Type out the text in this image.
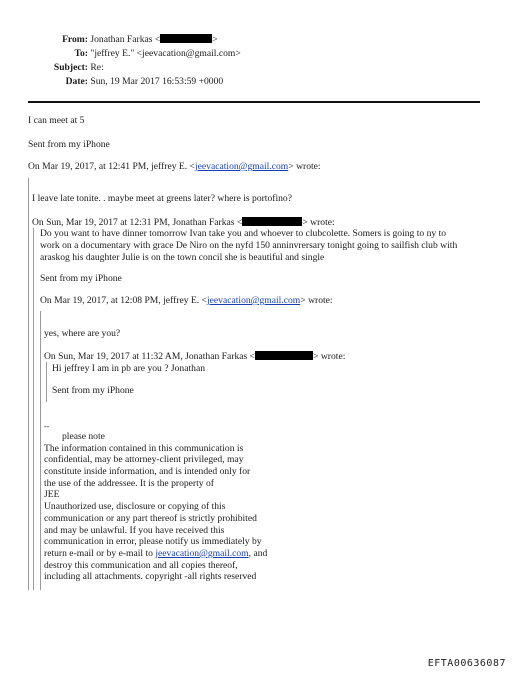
From: Jonathan Farkas <	>
To: "jeffrey E." <jeevacation@gmail.com>
Subject: Re:
Date: Sun, 19 Mar 2017 16:53:59 +0000
I can meet at 5
Sent from my iPhone
On Mar 19, 2017, at 12:41 PM, jeffrey E. <jeevacation@gmail.com> wrote:
I leave late tonite. . maybe meet at greens later? where is portofino?
On Sun, Mar 19, 2017 at 12:31 PM, Jonathan Farkas <	> wrote:
Do you want to have dinner tomorrow Ivan take you and whoever to clubcolette. Somers is going to ny to
work on a documentary with grace De Niro on the nyfd 150 anninvrersary tonight going to sailfish club with
araskog his daughter Julie is on the town concil she is beautiful and single
Sent from my iPhone
On Mar 19, 2017, at 12:08 PM, jeffrey E. <jeevacation@gmail.com> wrote:
yes, where are you?
On Sun, Mar 19, 2017 at 11:32 AM, Jonathan Farkas <	> wrote:
Hi jeffrey I am in pb are you ? Jonathan
Sent from my iPhone
--
please note
The information contained in this communication is
confidential, may be attorney-client privileged, may
constitute inside information, and is intended only for
the use of the addressee. It is the property of
JEE
Unauthorized use, disclosure or copying of this
communication or any part thereof is strictly prohibited
and may be unlawful. If you have received this
communication in error, please notify us immediately by
return e-mail or by e-mail to jeevacation@gmail.com, and
destroy this communication and all copies thereof,
including all attachments. copyright -all rights reserved
EFTA00636087
